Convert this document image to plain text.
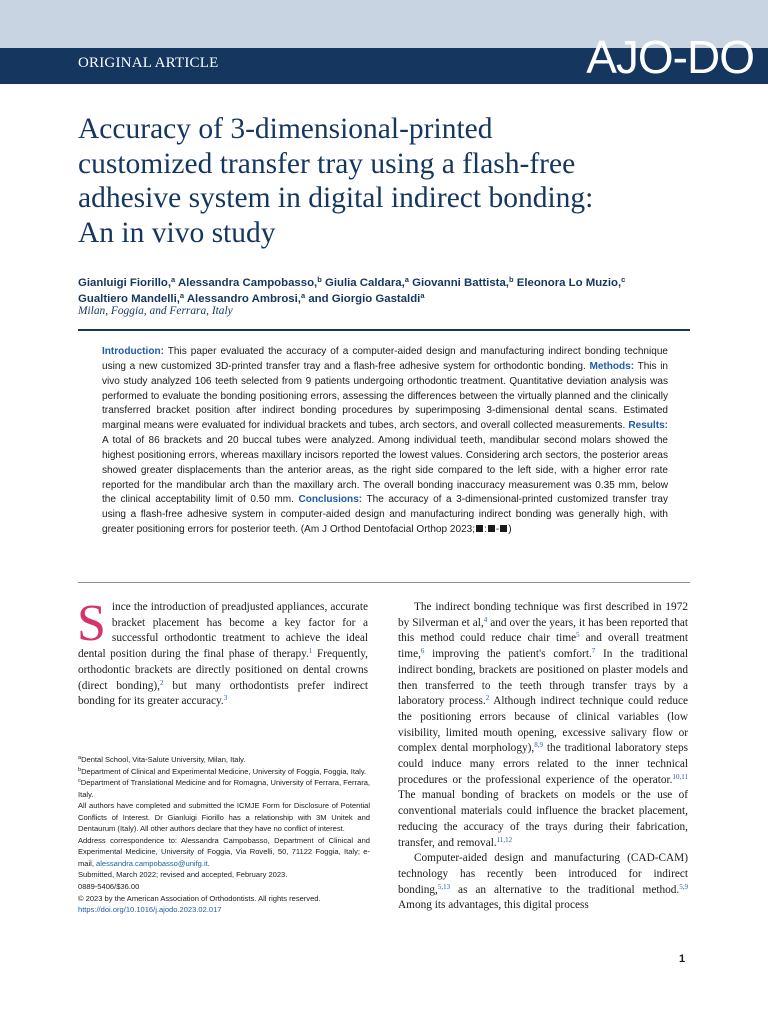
ORIGINAL ARTICLE	AJO-DO
Accuracy of 3-dimensional-printed customized transfer tray using a flash-free adhesive system in digital indirect bonding: An in vivo study
Gianluigi Fiorillo,$^a$ Alessandra Campobasso,$^b$ Giulia Caldara,$^a$ Giovanni Battista,$^b$ Eleonora Lo Muzio,$^c$
Gualtiero Mandelli,$^a$ Alessandro Ambrosi,$^a$ and Giorgio Gastaldi$^a$
Milan, Foggia, and Ferrara, Italy
Introduction: This paper evaluated the accuracy of a computer-aided design and manufacturing indirect bonding technique using a new customized 3D-printed transfer tray and a flash-free adhesive system for orthodontic bonding. Methods: This in vivo study analyzed 106 teeth selected from 9 patients undergoing orthodontic treatment. Quantitative deviation analysis was performed to evaluate the bonding positioning errors, assessing the differences between the virtually planned and the clinically transferred bracket position after indirect bonding procedures by superimposing 3-dimensional dental scans. Estimated marginal means were evaluated for individual brackets and tubes, arch sectors, and overall collected measurements. Results: A total of 86 brackets and 20 buccal tubes were analyzed. Among individual teeth, mandibular second molars showed the highest positioning errors, whereas maxillary incisors reported the lowest values. Considering arch sectors, the posterior areas showed greater displacements than the anterior areas, as the right side compared to the left side, with a higher error rate reported for the mandibular arch than the maxillary arch. The overall bonding inaccuracy measurement was 0.35 mm, below the clinical acceptability limit of 0.50 mm. Conclusions: The accuracy of a 3-dimensional-printed customized transfer tray using a flash-free adhesive system in computer-aided design and manufacturing indirect bonding was generally high, with greater positioning errors for posterior teeth. (Am J Orthod Dentofacial Orthop 2023; : - )
S ince the introduction of preadjusted appliances, accurate bracket placement has become a key factor for a successful orthodontic treatment to achieve the ideal dental position during the final phase of therapy.$^1$ Frequently, orthodontic brackets are directly positioned on dental crowns (direct bonding),$^2$ but many orthodontists prefer indirect bonding for its greater accuracy.$^3$

$^a$Dental School, Vita-Salute University, Milan, Italy.
$^b$Department of Clinical and Experimental Medicine, University of Foggia, Foggia, Italy.
$^c$Department of Translational Medicine and for Romagna, University of Ferrara, Ferrara, Italy.
All authors have completed and submitted the ICMJE Form for Disclosure of Potential Conflicts of Interest. Dr Gianluigi Fiorillo has a relationship with 3M Unitek and Dentaurum (Italy). All other authors declare that they have no conflict of interest.
Address correspondence to: Alessandra Campobasso, Department of Clinical and Experimental Medicine, University of Foggia, Via Rovelli, 50, 71122 Foggia, Italy; e-mail, alessandra.campobasso@unifg.it.
Submitted, March 2022; revised and accepted, February 2023.
0889-5406/$36.00
© 2023 by the American Association of Orthodontists. All rights reserved.
https://doi.org/10.1016/j.ajodo.2023.02.017

The indirect bonding technique was first described in 1972 by Silverman et al,$^4$ and over the years, it has been reported that this method could reduce chair time$^5$ and overall treatment time,$^6$ improving the patient's comfort.$^7$ In the traditional indirect bonding, brackets are positioned on plaster models and then transferred to the teeth through transfer trays by a laboratory process.$^2$ Although indirect technique could reduce the positioning errors because of clinical variables (low visibility, limited mouth opening, excessive salivary flow or complex dental morphology),$^{8,9}$ the traditional laboratory steps could induce many errors related to the inner technical procedures or the professional experience of the operator.$^{10,11}$ The manual bonding of brackets on models or the use of conventional materials could influence the bracket placement, reducing the accuracy of the trays during their fabrication, transfer, and removal.$^{11,12}$

Computer-aided design and manufacturing (CAD-CAM) technology has recently been introduced for indirect bonding,$^{5,13}$ as an alternative to the traditional method.$^{5,9}$ Among its advantages, this digital process

1
